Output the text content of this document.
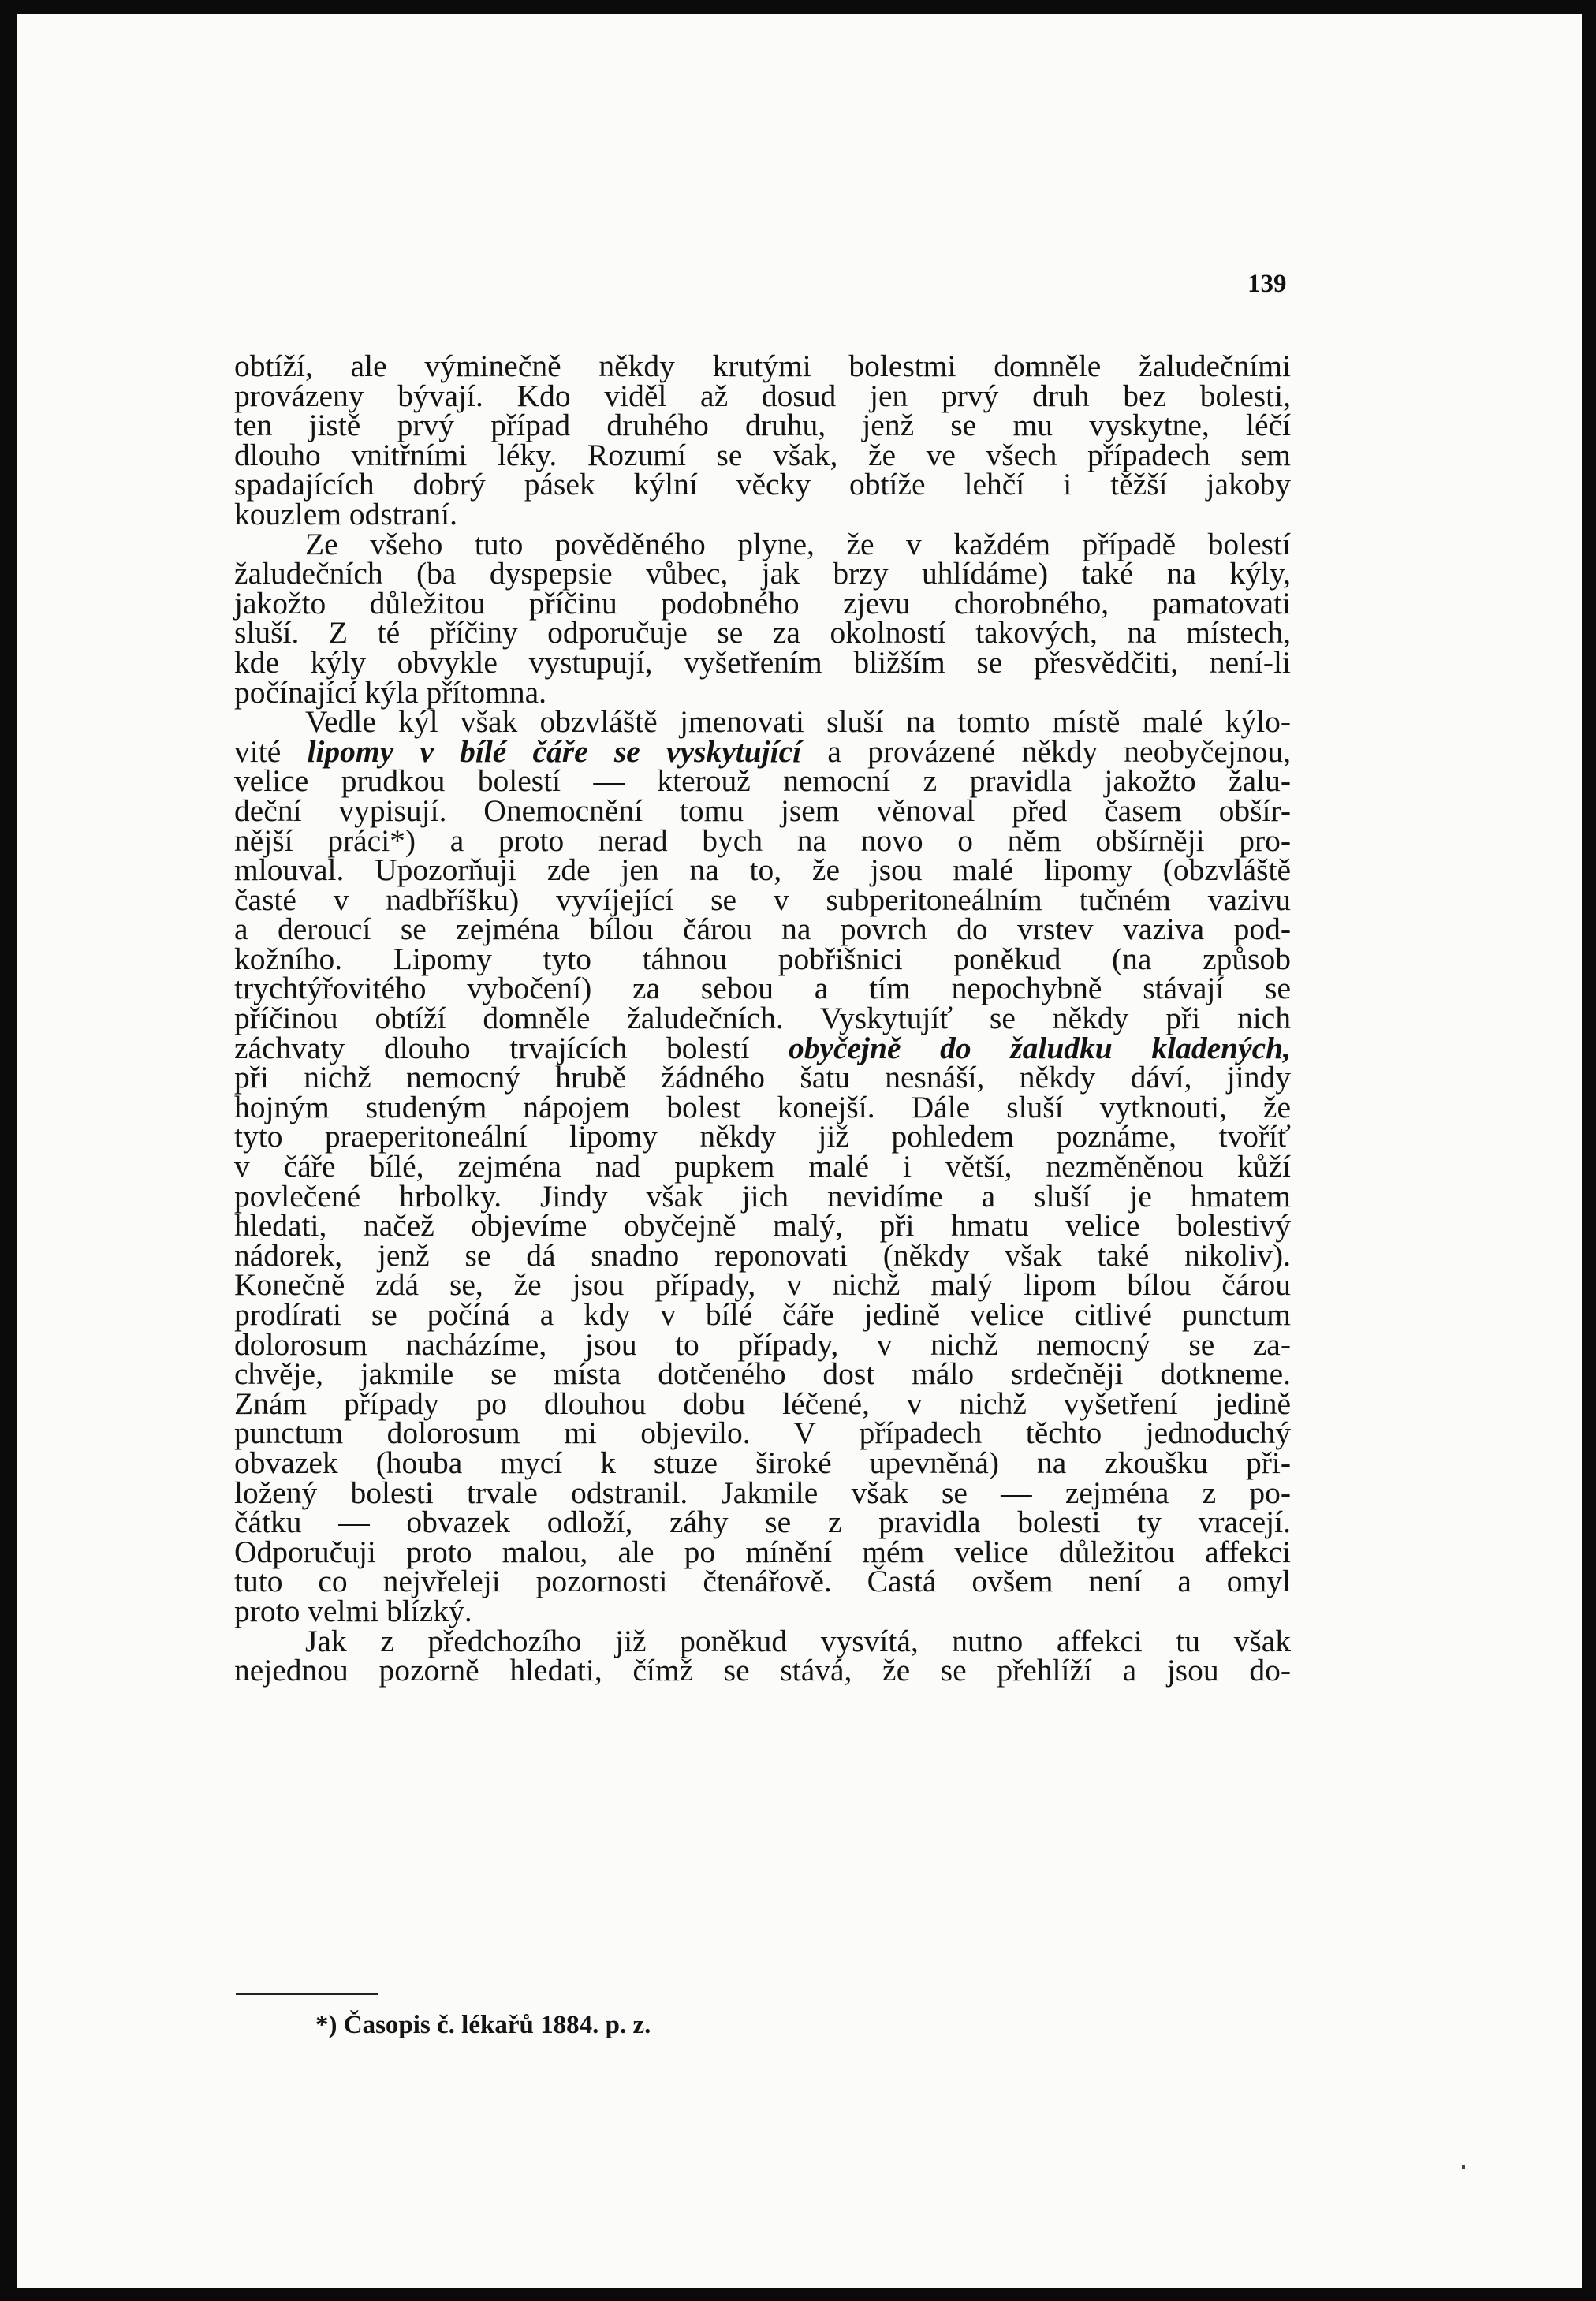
139

obtíží, ale výminečně někdy krutými bolestmi domněle žaludečními
provázeny bývají. Kdo viděl až dosud jen prvý druh bez bolesti,
ten jistě prvý případ druhého druhu, jenž se mu vyskytne, léčí
dlouho vnitřními léky. Rozumí se však, že ve všech případech sem
spadajících dobrý pásek kýlní věcky obtíže lehčí i těžší jakoby
kouzlem odstraní.

Ze všeho tuto pověděného plyne, že v každém případě bolestí
žaludečních (ba dyspepsie vůbec, jak brzy uhlídáme) také na kýly,
jakožto důležitou příčinu podobného zjevu chorobného, pamatovati
sluší. Z té příčiny odporučuje se za okolností takových, na místech,
kde kýly obvykle vystupují, vyšetřením bližším se přesvědčiti, není-li
počínající kýla přítomna.

Vedle kýl však obzvláště jmenovati sluší na tomto místě malé kýlo-
vité lipomy v bílé čáře se vyskytující a provázené někdy neobyčejnou,
velice prudkou bolestí — kterouž nemocní z pravidla jakožto žalu-
deční vypisují. Onemocnění tomu jsem věnoval před časem obšír-
nější práci*) a proto nerad bych na novo o něm obšírněji pro-
mlouval. Upozorňuji zde jen na to, že jsou malé lipomy (obzvláště
časté v nadbříšku) vyvíjející se v subperitoneálním tučném vazivu
a deroucí se zejména bílou čárou na povrch do vrstev vaziva pod-
kožního. Lipomy tyto táhnou pobřišnici poněkud (na způsob
trychtýřovitého vybočení) za sebou a tím nepochybně stávají se
příčinou obtíží domněle žaludečních. Vyskytujíť se někdy při nich
záchvaty dlouho trvajících bolestí obyčejně do žaludku kladených,
při nichž nemocný hrubě žádného šatu nesnáší, někdy dáví, jindy
hojným studeným nápojem bolest konejší. Dále sluší vytknouti, že
tyto praeperitoneální lipomy někdy již pohledem poznáme, tvoříť
v čáře bílé, zejména nad pupkem malé i větší, nezměněnou kůží
povlečené hrbolky. Jindy však jich nevidíme a sluší je hmatem
hledati, načež objevíme obyčejně malý, při hmatu velice bolestivý
nádorek, jenž se dá snadno reponovati (někdy však také nikoliv).
Konečně zdá se, že jsou případy, v nichž malý lipom bílou čárou
prodírati se počíná a kdy v bílé čáře jedině velice citlivé punctum
dolorosum nacházíme, jsou to případy, v nichž nemocný se za-
chvěje, jakmile se místa dotčeného dost málo srdečněji dotkneme.
Znám případy po dlouhou dobu léčené, v nichž vyšetření jedině
punctum dolorosum mi objevilo. V případech těchto jednoduchý
obvazek (houba mycí k stuze široké upevněná) na zkoušku při-
ložený bolesti trvale odstranil. Jakmile však se — zejména z po-
čátku — obvazek odloží, záhy se z pravidla bolesti ty vracejí.
Odporučuji proto malou, ale po mínění mém velice důležitou affekci
tuto co nejvřeleji pozornosti čtenářově. Častá ovšem není a omyl
proto velmi blízký.

Jak z předchozího již poněkud vysvítá, nutno affekci tu však
nejednou pozorně hledati, čímž se stává, že se přehlíží a jsou do-

*) Časopis č. lékařů 1884. p. z.
